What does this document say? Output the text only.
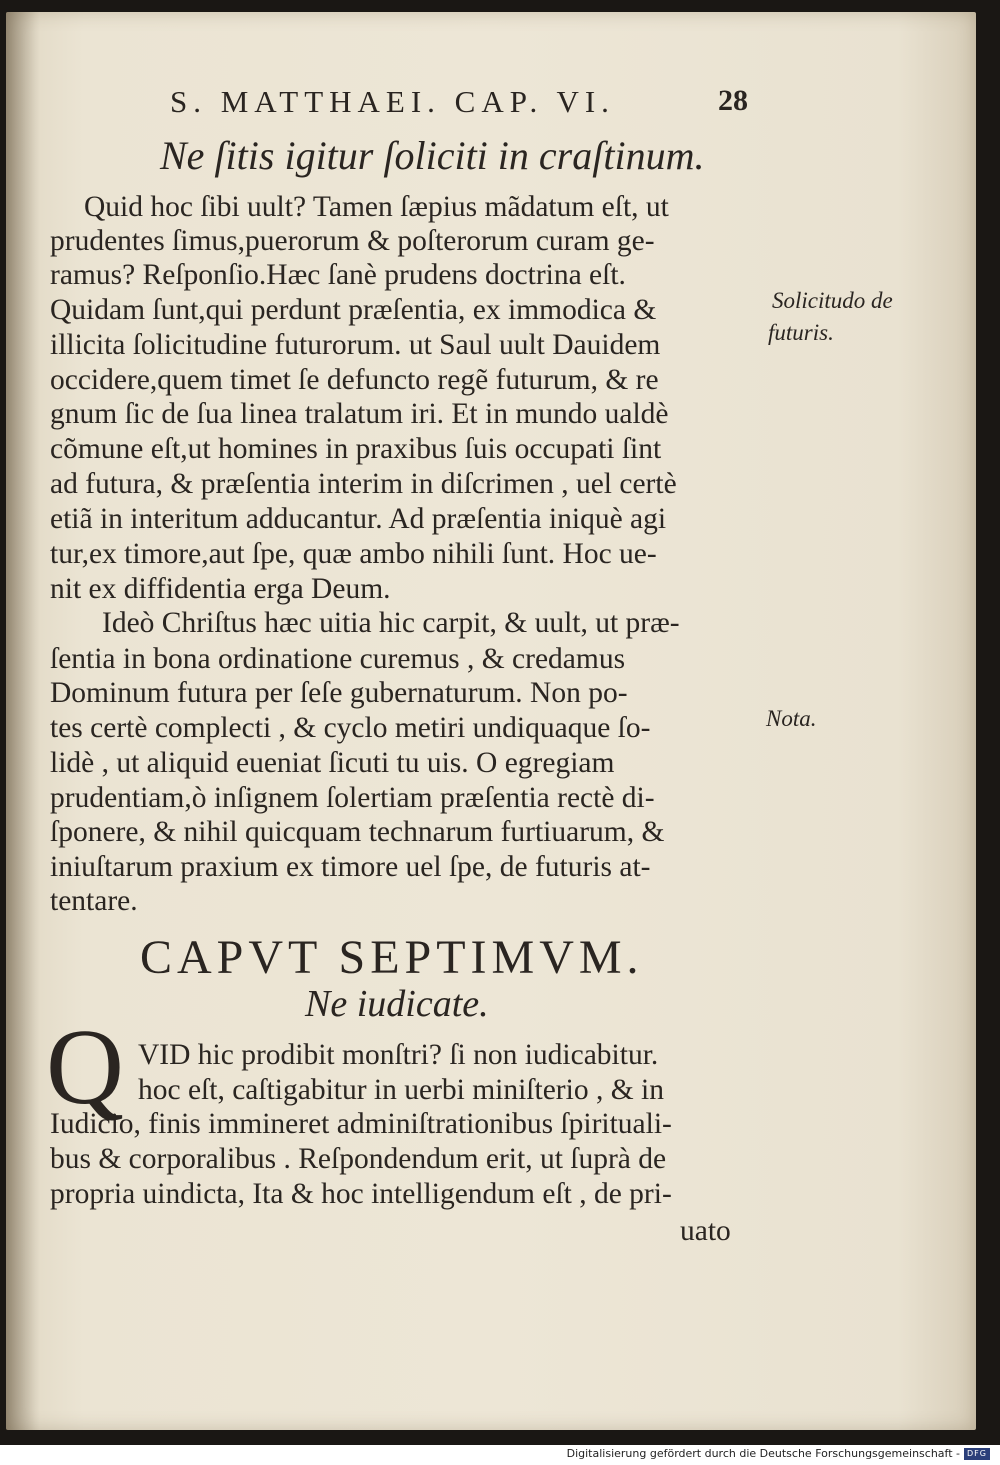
S. MATTHAEI. CAP. VI.	28
Ne ſitis igitur ſoliciti in craſtinum.
Quid hoc ſibi uult? Tamen ſæpius mãdatum eſt, ut
prudentes ſimus,puerorum & poſterorum curam ge-
ramus? Reſponſio.Hæc ſanè prudens doctrina eſt.
Quidam ſunt,qui perdunt præſentia, ex immodica &
illicita ſolicitudine futurorum. ut Saul uult Dauidem
occidere,quem timet ſe defuncto regẽ futurum, & re
gnum ſic de ſua linea tralatum iri. Et in mundo ualdè
cõmune eſt,ut homines in praxibus ſuis occupati ſint
ad futura, & præſentia interim in diſcrimen , uel certè
etiã in interitum adducantur. Ad præſentia iniquè agi
tur,ex timore,aut ſpe, quæ ambo nihili ſunt. Hoc ue-
nit ex diffidentia erga Deum.
Ideò Chriſtus hæc uitia hic carpit, & uult, ut præ-
ſentia in bona ordinatione curemus , & credamus
Dominum futura per ſeſe gubernaturum. Non po-
tes certè complecti , & cyclo metiri undiquaque ſo-
lidè , ut aliquid eueniat ſicuti tu uis. O egregiam
prudentiam,ò inſignem ſolertiam præſentia rectè di-
ſponere, & nihil quicquam technarum furtiuarum, &
iniuſtarum praxium ex timore uel ſpe, de futuris at-
tentare.
Solicitudo de
futuris.
Nota.
CAPVT SEPTIMVM.
Ne iudicate.
Q VID hic prodibit monſtri? ſi non iudicabitur.
hoc eſt, caſtigabitur in uerbi miniſterio , & in
Iudicio, finis immineret adminiſtrationibus ſpirituali-
bus & corporalibus . Reſpondendum erit, ut ſuprà de
propria uindicta, Ita & hoc intelligendum eſt , de pri-
uato
Digitalisierung gefördert durch die Deutsche Forschungsgemeinschaft - DFG
